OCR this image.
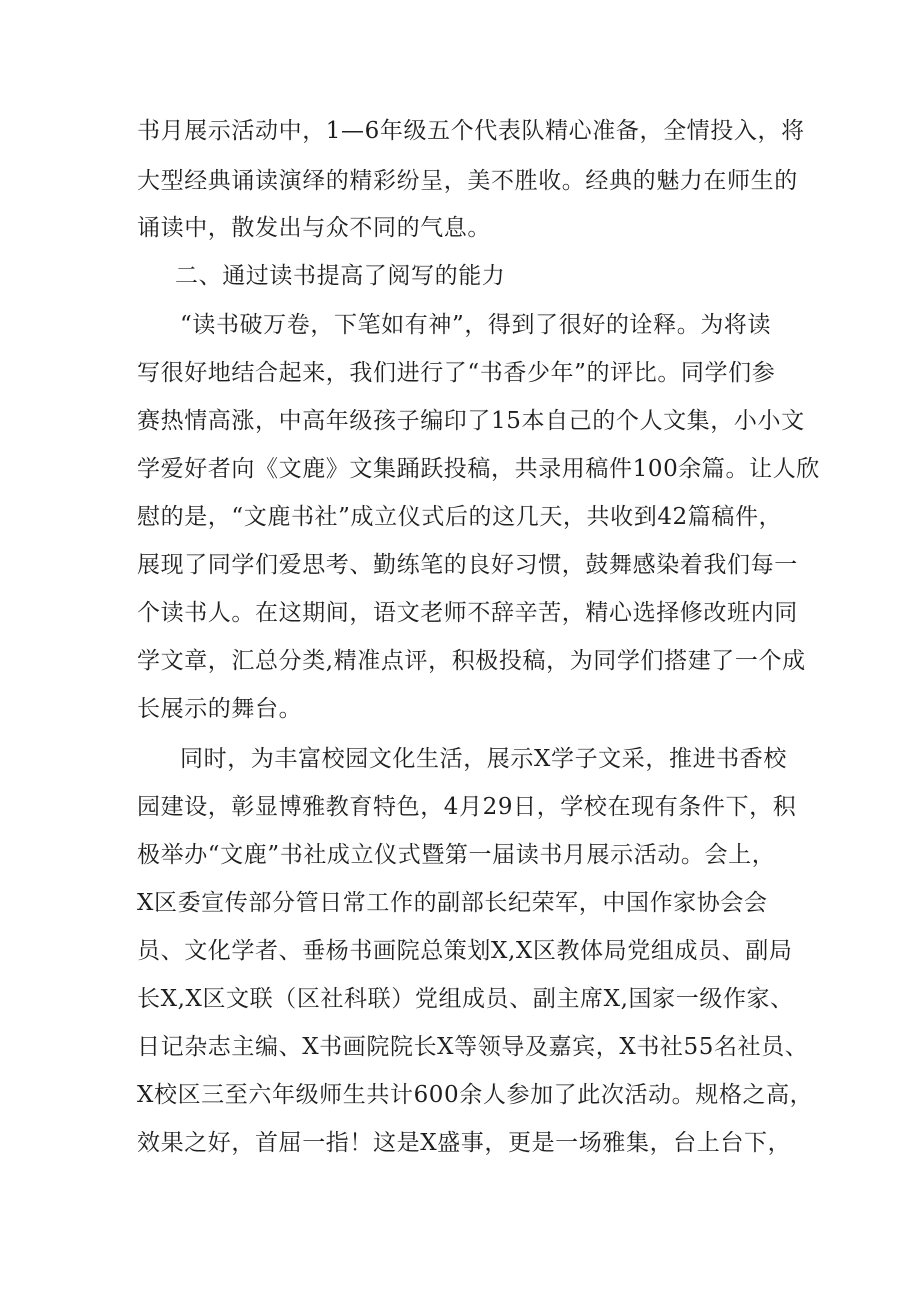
书月展示活动中，1—6年级五个代表队精心准备，全情投入，将
大型经典诵读演绎的精彩纷呈，美不胜收。经典的魅力在师生的
诵读中，散发出与众不同的气息。
二、通过读书提高了阅写的能力
“读书破万卷，下笔如有神”，得到了很好的诠释。为将读
写很好地结合起来，我们进行了“书香少年”的评比。同学们参
赛热情高涨，中高年级孩子编印了15本自己的个人文集，小小文
学爱好者向《文鹿》文集踊跃投稿，共录用稿件100余篇。让人欣
慰的是，“文鹿书社”成立仪式后的这几天，共收到42篇稿件，
展现了同学们爱思考、勤练笔的良好习惯，鼓舞感染着我们每一
个读书人。在这期间，语文老师不辞辛苦，精心选择修改班内同
学文章，汇总分类,精准点评，积极投稿，为同学们搭建了一个成
长展示的舞台。
同时，为丰富校园文化生活，展示X学子文采，推进书香校
园建设，彰显博雅教育特色，4月29日，学校在现有条件下，积
极举办“文鹿”书社成立仪式暨第一届读书月展示活动。会上，
X区委宣传部分管日常工作的副部长纪荣军，中国作家协会会
员、文化学者、垂杨书画院总策划X,X区教体局党组成员、副局
长X,X区文联（区社科联）党组成员、副主席X,国家一级作家、
日记杂志主编、X书画院院长X等领导及嘉宾，X书社55名社员、
X校区三至六年级师生共计600余人参加了此次活动。规格之高，
效果之好，首屈一指！这是X盛事，更是一场雅集，台上台下，
